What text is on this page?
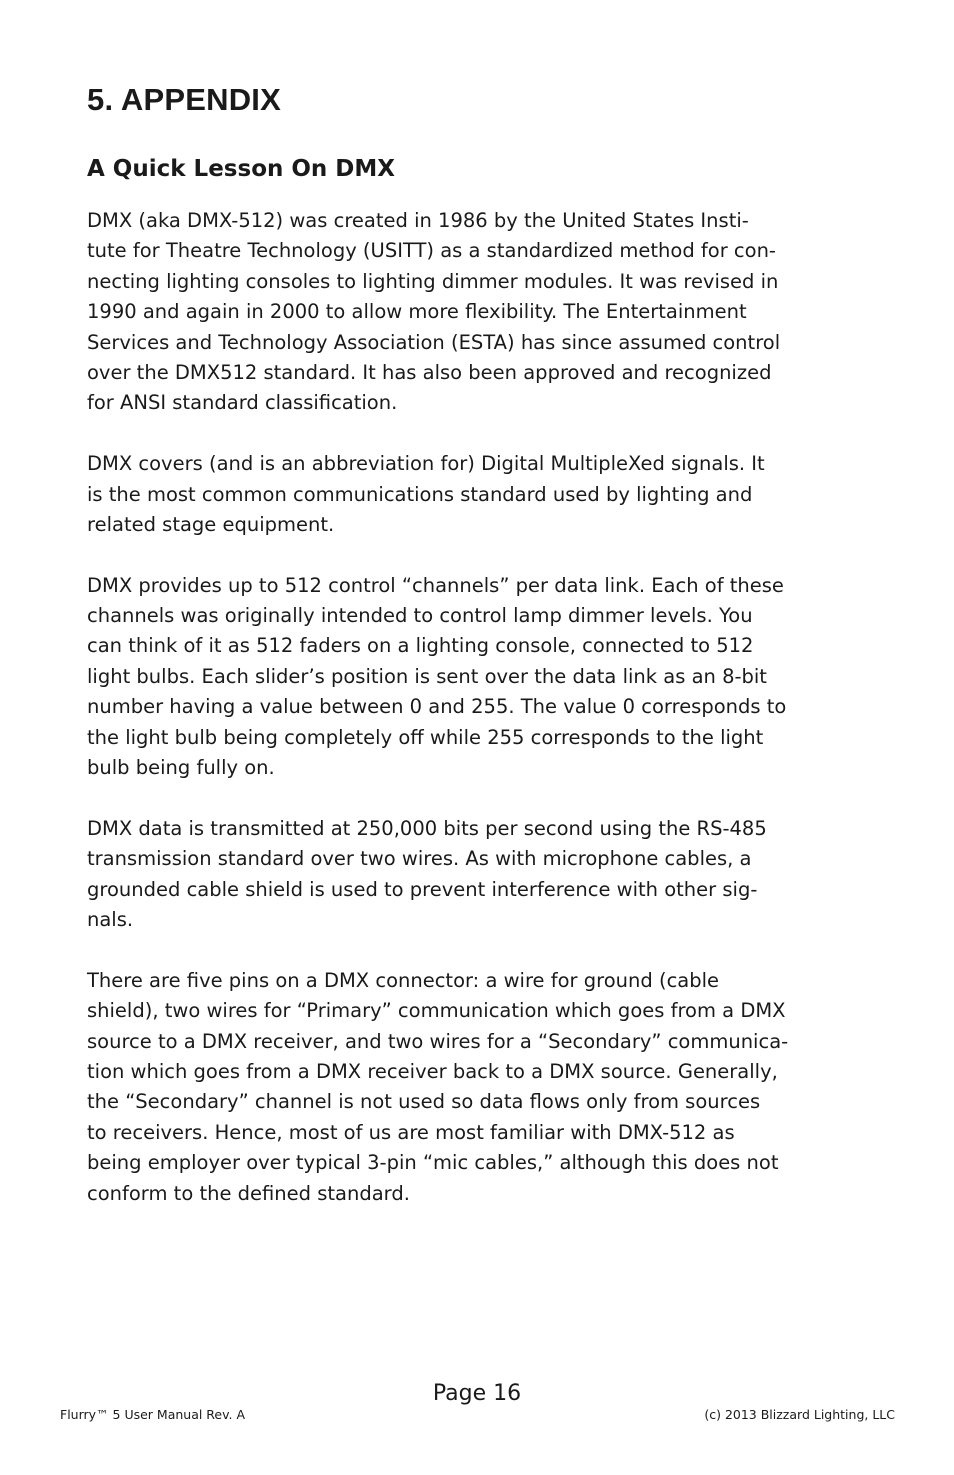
5. APPENDIX
A Quick Lesson On DMX

DMX (aka DMX-512) was created in 1986 by the United States Insti-
tute for Theatre Technology (USITT) as a standardized method for con-
necting lighting consoles to lighting dimmer modules. It was revised in
1990 and again in 2000 to allow more flexibility. The Entertainment
Services and Technology Association (ESTA) has since assumed control
over the DMX512 standard. It has also been approved and recognized
for ANSI standard classification.

DMX covers (and is an abbreviation for) Digital MultipleXed signals. It
is the most common communications standard used by lighting and
related stage equipment.

DMX provides up to 512 control “channels” per data link. Each of these
channels was originally intended to control lamp dimmer levels. You
can think of it as 512 faders on a lighting console, connected to 512
light bulbs. Each slider’s position is sent over the data link as an 8-bit
number having a value between 0 and 255. The value 0 corresponds to
the light bulb being completely off while 255 corresponds to the light
bulb being fully on.

DMX data is transmitted at 250,000 bits per second using the RS-485
transmission standard over two wires. As with microphone cables, a
grounded cable shield is used to prevent interference with other sig-
nals.

There are five pins on a DMX connector: a wire for ground (cable
shield), two wires for “Primary” communication which goes from a DMX
source to a DMX receiver, and two wires for a “Secondary” communica-
tion which goes from a DMX receiver back to a DMX source. Generally,
the “Secondary” channel is not used so data flows only from sources
to receivers. Hence, most of us are most familiar with DMX-512 as
being employer over typical 3-pin “mic cables,” although this does not
conform to the defined standard.

Page 16
Flurry™ 5 User Manual Rev. A	(c) 2013 Blizzard Lighting, LLC
